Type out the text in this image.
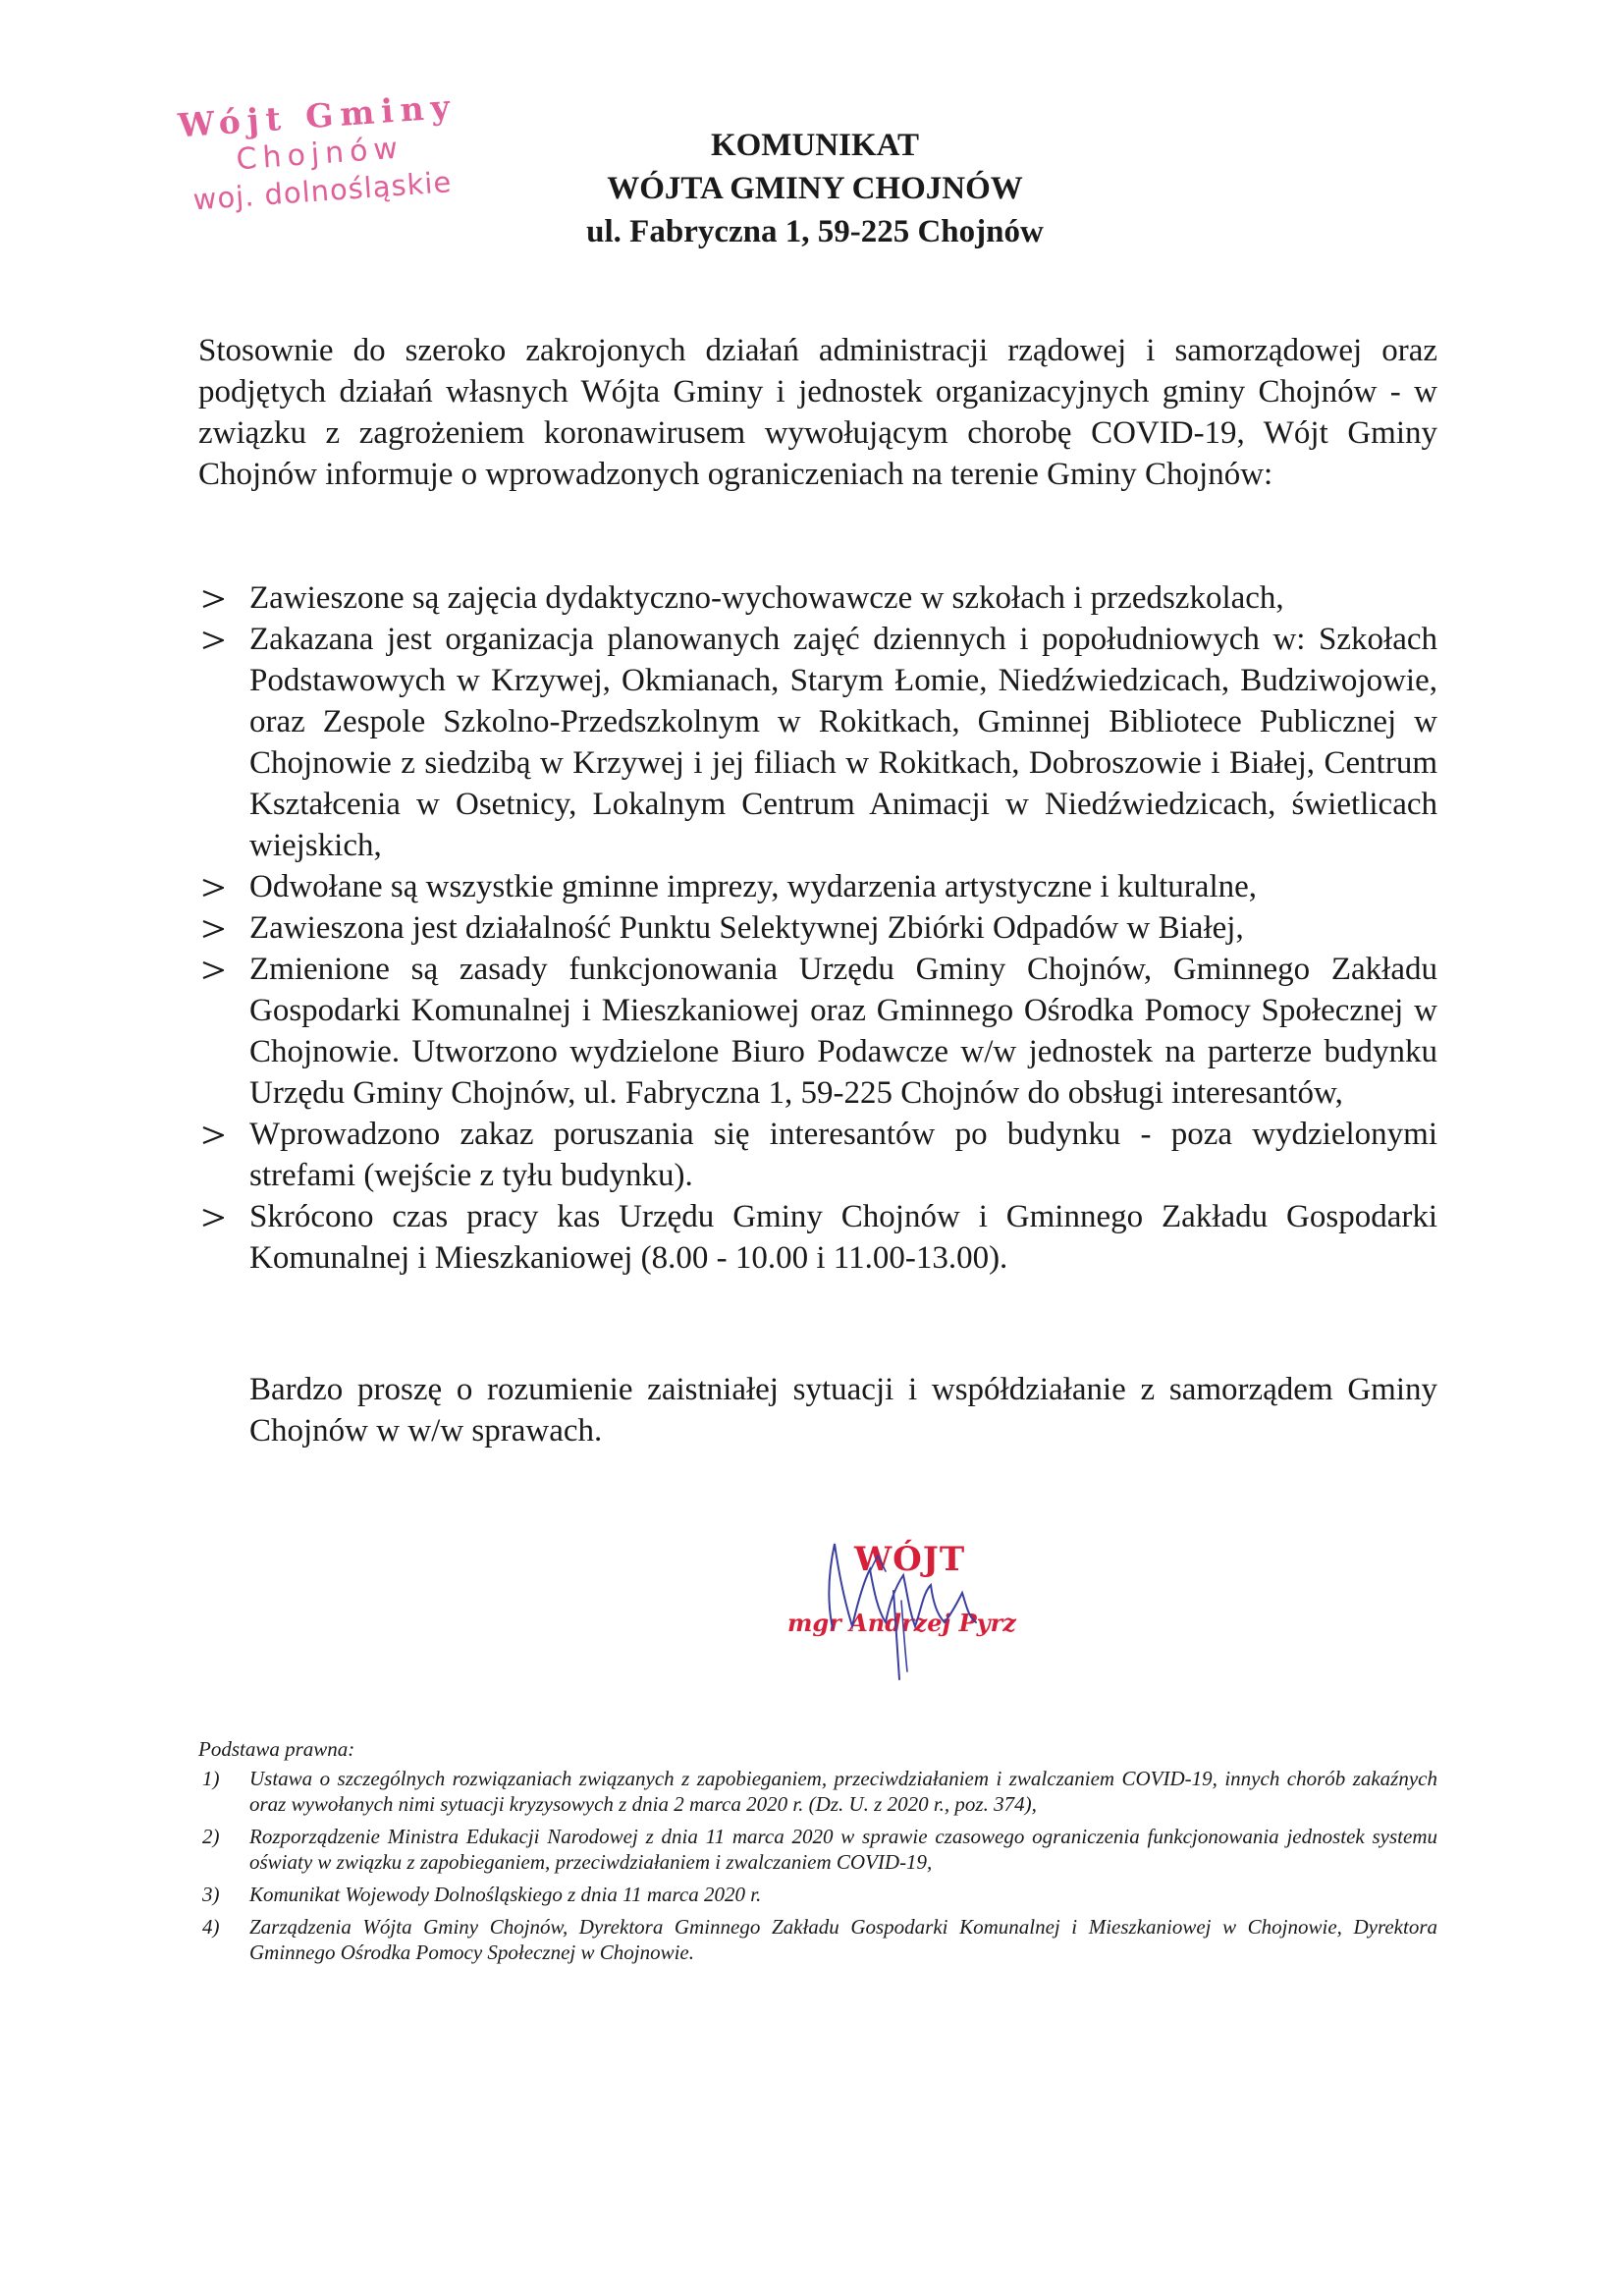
Wójt Gminy
Chojnów
woj. dolnośląskie
KOMUNIKAT
WÓJTA GMINY CHOJNÓW
ul. Fabryczna 1, 59-225 Chojnów

Stosownie do szeroko zakrojonych działań administracji rządowej i samorządowej oraz podjętych działań własnych Wójta Gminy i jednostek organizacyjnych gminy Chojnów - w związku z zagrożeniem koronawirusem wywołującym chorobę COVID-19, Wójt Gminy Chojnów informuje o wprowadzonych ograniczeniach na terenie Gminy Chojnów:

Zawieszone są zajęcia dydaktyczno-wychowawcze w szkołach i przedszkolach,
Zakazana jest organizacja planowanych zajęć dziennych i popołudniowych w: Szkołach Podstawowych w Krzywej, Okmianach, Starym Łomie, Niedźwiedzicach, Budziwojowie, oraz Zespole Szkolno-Przedszkolnym w Rokitkach, Gminnej Bibliotece Publicznej w Chojnowie z siedzibą w Krzywej i jej filiach w Rokitkach, Dobroszowie i Białej, Centrum Kształcenia w Osetnicy, Lokalnym Centrum Animacji w Niedźwiedzicach, świetlicach wiejskich,
Odwołane są wszystkie gminne imprezy, wydarzenia artystyczne i kulturalne,
Zawieszona jest działalność Punktu Selektywnej Zbiórki Odpadów w Białej,
Zmienione są zasady funkcjonowania Urzędu Gminy Chojnów, Gminnego Zakładu Gospodarki Komunalnej i Mieszkaniowej oraz Gminnego Ośrodka Pomocy Społecznej w Chojnowie. Utworzono wydzielone Biuro Podawcze w/w jednostek na parterze budynku Urzędu Gminy Chojnów, ul. Fabryczna 1, 59-225 Chojnów do obsługi interesantów,
Wprowadzono zakaz poruszania się interesantów po budynku - poza wydzielonymi strefami (wejście z tyłu budynku).
Skrócono czas pracy kas Urzędu Gminy Chojnów i Gminnego Zakładu Gospodarki Komunalnej i Mieszkaniowej (8.00 - 10.00 i 11.00-13.00).

Bardzo proszę o rozumienie zaistniałej sytuacji i współdziałanie z samorządem Gminy Chojnów w w/w sprawach.

WÓJT
mgr Andrzej Pyrz
Podstawa prawna:
1) Ustawa o szczególnych rozwiązaniach związanych z zapobieganiem, przeciwdziałaniem i zwalczaniem COVID-19, innych chorób zakaźnych oraz wywołanych nimi sytuacji kryzysowych z dnia 2 marca 2020 r. (Dz. U. z 2020 r., poz. 374),
2) Rozporządzenie Ministra Edukacji Narodowej z dnia 11 marca 2020 w sprawie czasowego ograniczenia funkcjonowania jednostek systemu oświaty w związku z zapobieganiem, przeciwdziałaniem i zwalczaniem COVID-19,
3) Komunikat Wojewody Dolnośląskiego z dnia 11 marca 2020 r.
4) Zarządzenia Wójta Gminy Chojnów, Dyrektora Gminnego Zakładu Gospodarki Komunalnej i Mieszkaniowej w Chojnowie, Dyrektora Gminnego Ośrodka Pomocy Społecznej w Chojnowie.
